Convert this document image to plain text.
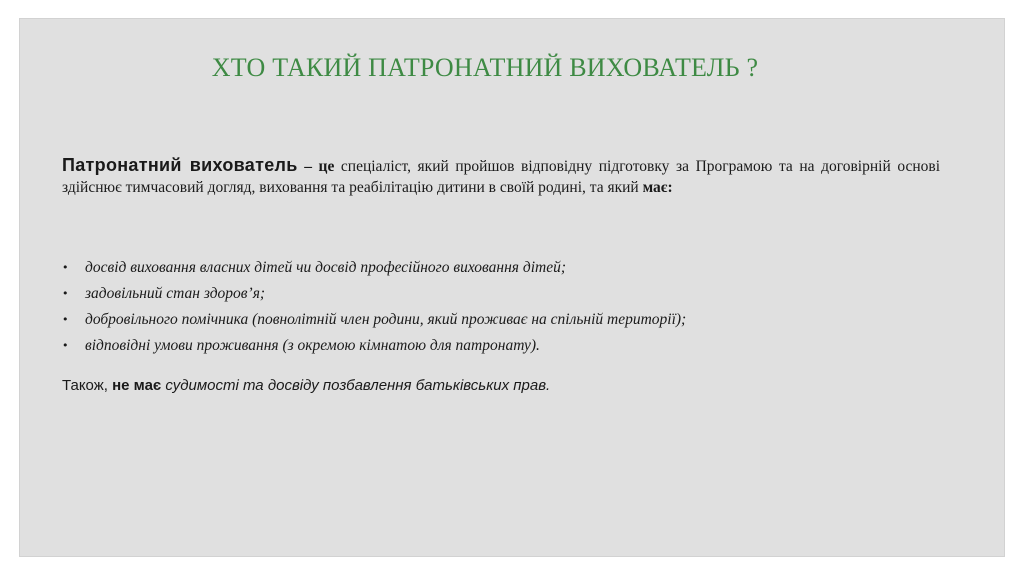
ХТО ТАКИЙ ПАТРОНАТНИЙ ВИХОВАТЕЛЬ ?

Патронатний вихователь – це спеціаліст, який пройшов відповідну підготовку за Програмою та на договірній основі здійснює тимчасовий догляд, виховання та реабілітацію дитини в своїй родині, та який має:

• досвід виховання власних дітей чи досвід професійного виховання дітей;
• задовільний стан здоров’я;
• добровільного помічника (повнолітній член родини, який проживає на спільній території);
• відповідні умови проживання (з окремою кімнатою для патронату).

Також, не має судимості та досвіду позбавлення батьківських прав.
